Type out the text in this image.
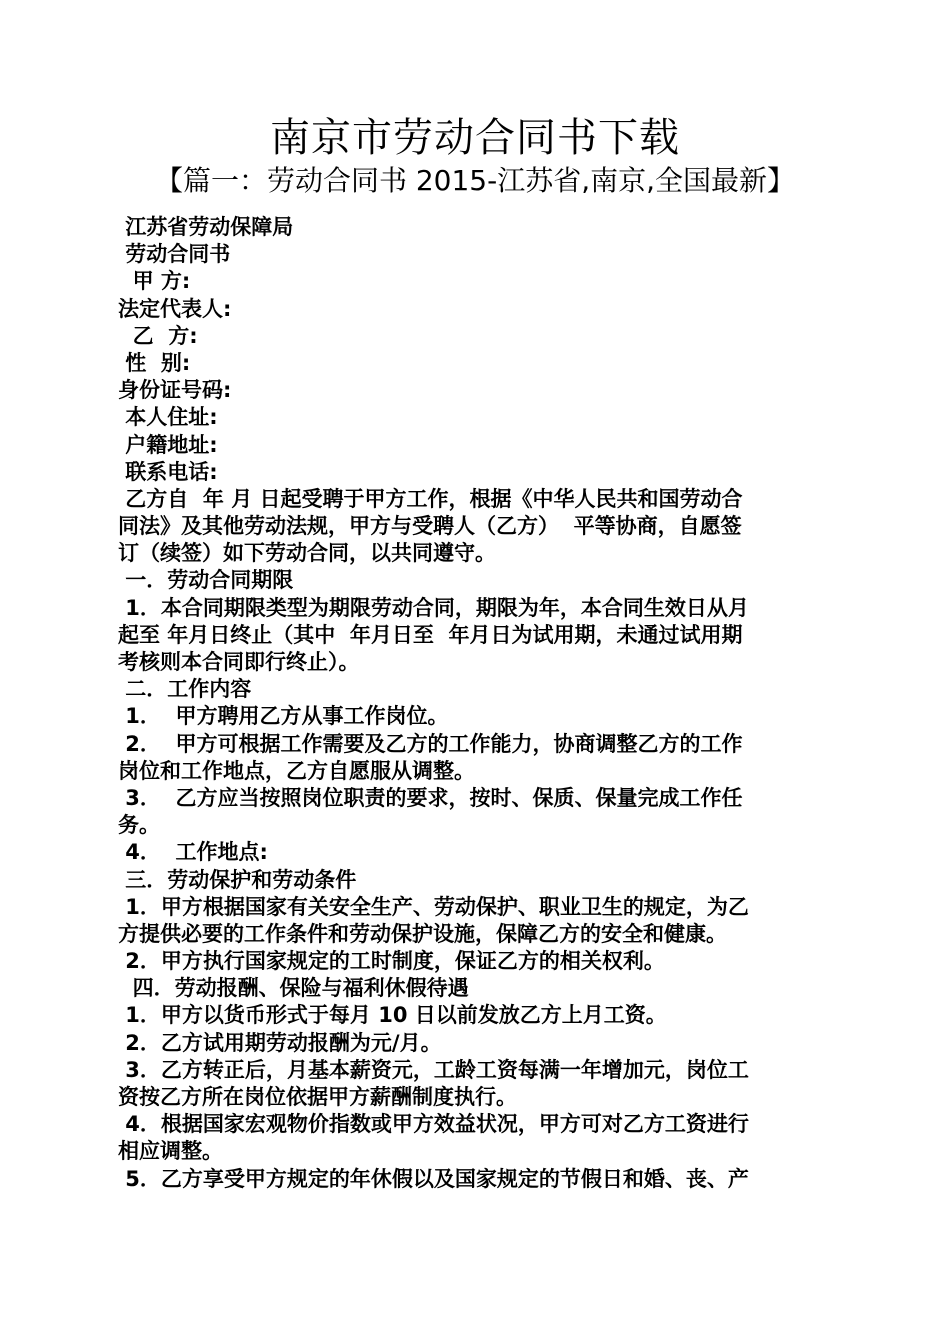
南京市劳动合同书下载
【篇一：劳动合同书 2015-江苏省,南京,全国最新】
江苏省劳动保障局
劳动合同书
甲 方:
法定代表人:
乙  方:
性  别:
身份证号码:
本人住址:
户籍地址:
联系电话:
乙方自  年 月 日起受聘于甲方工作，根据《中华人民共和国劳动合
同法》及其他劳动法规，甲方与受聘人（乙方）  平等协商，自愿签
订（续签）如下劳动合同，以共同遵守。
一．劳动合同期限
1．本合同期限类型为期限劳动合同，期限为年，本合同生效日从月
起至 年月日终止（其中  年月日至  年月日为试用期，未通过试用期
考核则本合同即行终止）。
二．工作内容
1．  甲方聘用乙方从事工作岗位。
2．  甲方可根据工作需要及乙方的工作能力，协商调整乙方的工作
岗位和工作地点，乙方自愿服从调整。
3．  乙方应当按照岗位职责的要求，按时、保质、保量完成工作任
务。
4．  工作地点:
三．劳动保护和劳动条件
1．甲方根据国家有关安全生产、劳动保护、职业卫生的规定，为乙
方提供必要的工作条件和劳动保护设施，保障乙方的安全和健康。
2．甲方执行国家规定的工时制度，保证乙方的相关权利。
四．劳动报酬、保险与福利休假待遇
1．甲方以货币形式于每月 10 日以前发放乙方上月工资。
2．乙方试用期劳动报酬为元/月。
3．乙方转正后，月基本薪资元，工龄工资每满一年增加元，岗位工
资按乙方所在岗位依据甲方薪酬制度执行。
4．根据国家宏观物价指数或甲方效益状况，甲方可对乙方工资进行
相应调整。
5．乙方享受甲方规定的年休假以及国家规定的节假日和婚、丧、产
